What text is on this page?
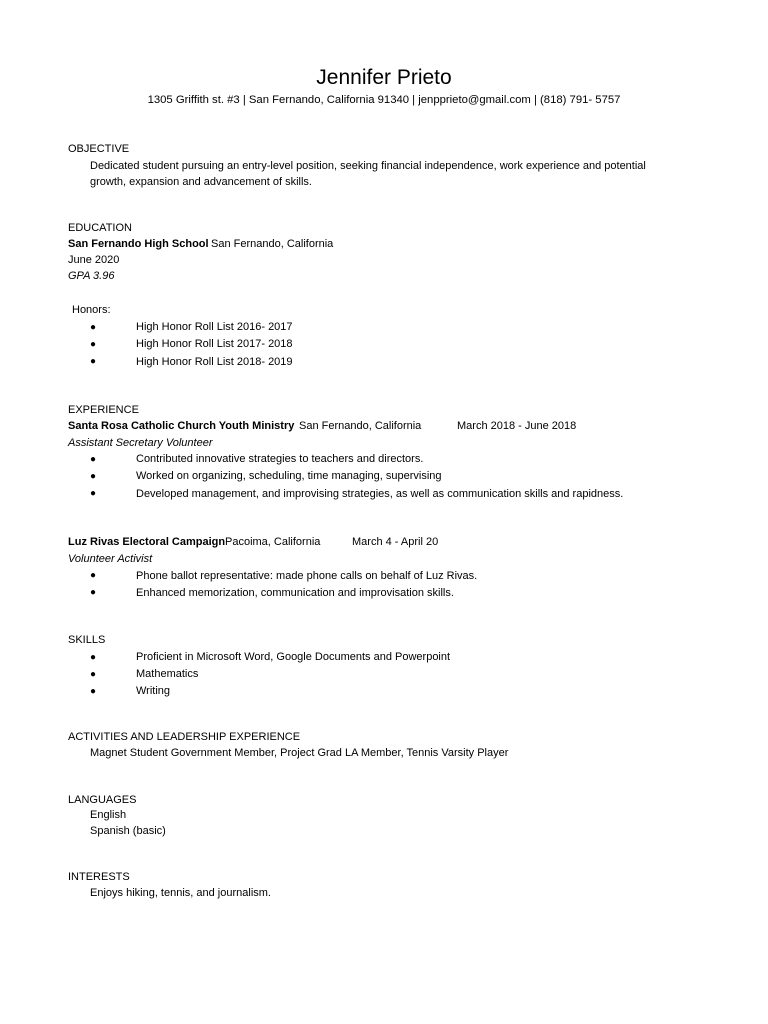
Jennifer Prieto
1305 Griffith st. #3 | San Fernando, California 91340 | jenpprieto@gmail.com | (818) 791- 5757
OBJECTIVE
Dedicated student pursuing an entry-level position, seeking financial independence, work experience and potential
growth, expansion and advancement of skills.
EDUCATION
San Fernando High School San Fernando, California
June 2020
GPA 3.96
Honors:
●	High Honor Roll List 2016- 2017
●	High Honor Roll List 2017- 2018
●	High Honor Roll List 2018- 2019
EXPERIENCE
Santa Rosa Catholic Church Youth Ministry San Fernando, California	March 2018 - June 2018
Assistant Secretary Volunteer
●	Contributed innovative strategies to teachers and directors.
●	Worked on organizing, scheduling, time managing, supervising
●	Developed management, and improvising strategies, as well as communication skills and rapidness.
Luz Rivas Electoral Campaign Pacoima, California	March 4 - April 20
Volunteer Activist
●	Phone ballot representative: made phone calls on behalf of Luz Rivas.
●	Enhanced memorization, communication and improvisation skills.
SKILLS
●	Proficient in Microsoft Word, Google Documents and Powerpoint
●	Mathematics
●	Writing
ACTIVITIES AND LEADERSHIP EXPERIENCE
Magnet Student Government Member, Project Grad LA Member, Tennis Varsity Player
LANGUAGES
English
Spanish (basic)
INTERESTS
Enjoys hiking, tennis, and journalism.
